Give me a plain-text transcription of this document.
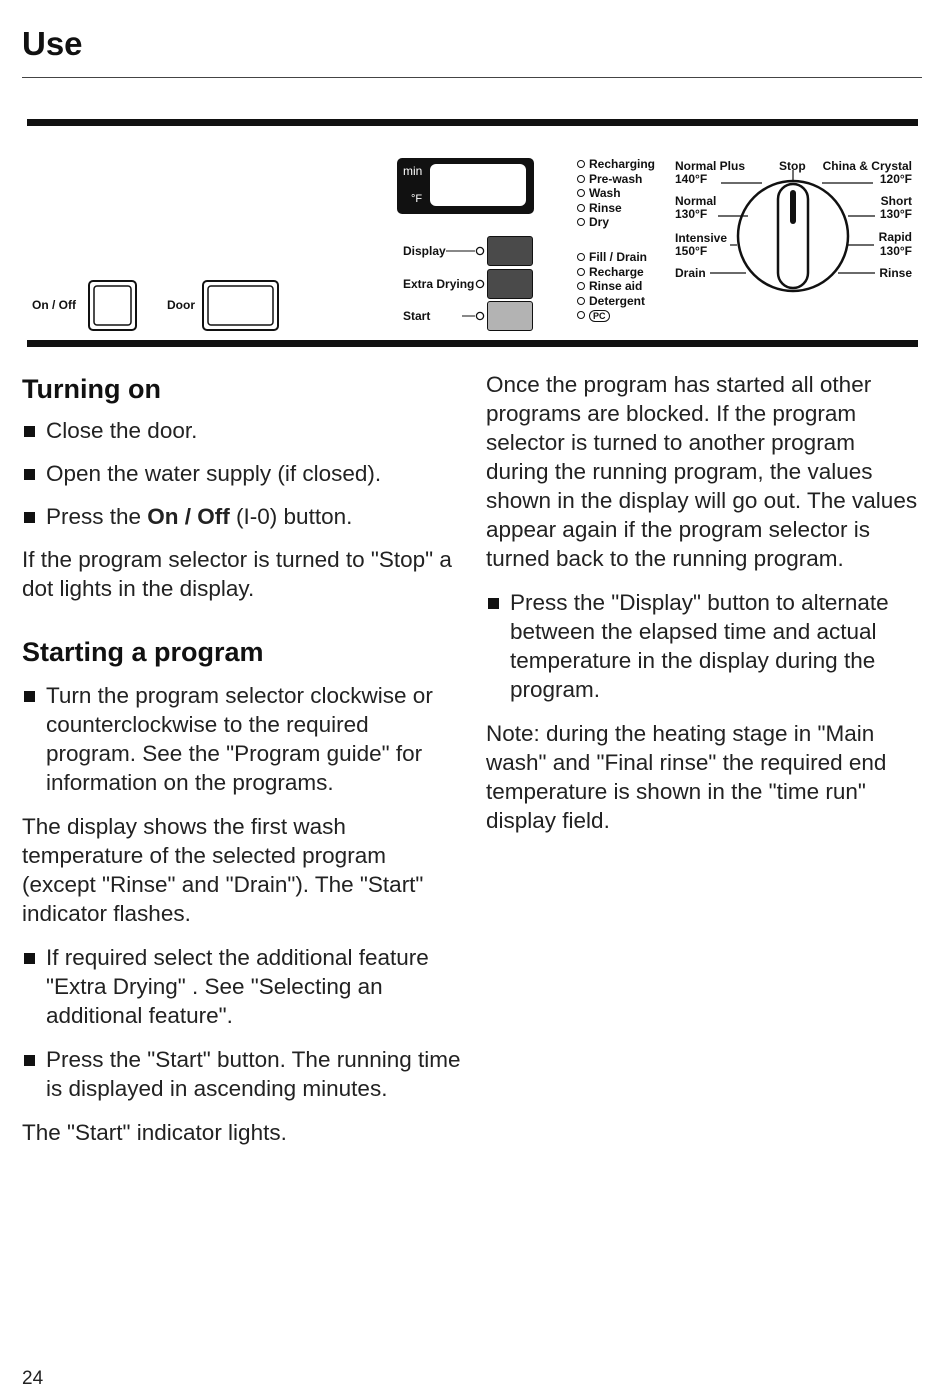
Use
On / Off	Door
min
°F
Display
Extra Drying
Start
Recharging
Pre-wash
Wash
Rinse
Dry
Fill / Drain
Recharge
Rinse aid
Detergent
PC
Stop
Normal Plus
140°F
Normal
130°F
Intensive
150°F
Drain
China & Crystal
120°F
Short
130°F
Rapid
130°F
Rinse
Turning on
Close the door.
Open the water supply (if closed).
Press the On / Off (I-0) button.

If the program selector is turned to "Stop" a dot lights in the display.

Starting a program
Turn the program selector clockwise or counterclockwise to the required program. See the "Program guide" for information on the programs.

The display shows the first wash temperature of the selected program (except "Rinse" and "Drain"). The "Start" indicator flashes.

If required select the additional feature "Extra Drying" . See "Selecting an additional feature".
Press the "Start" button. The running time is displayed in ascending minutes.

The "Start" indicator lights.

Once the program has started all other programs are blocked. If the program selector is turned to another program during the running program, the values shown in the display will go out. The values appear again if the program selector is turned back to the running program.

Press the "Display" button to alternate between the elapsed time and actual temperature in the display during the program.

Note: during the heating stage in "Main wash" and "Final rinse" the required end temperature is shown in the "time run" display field.

24
